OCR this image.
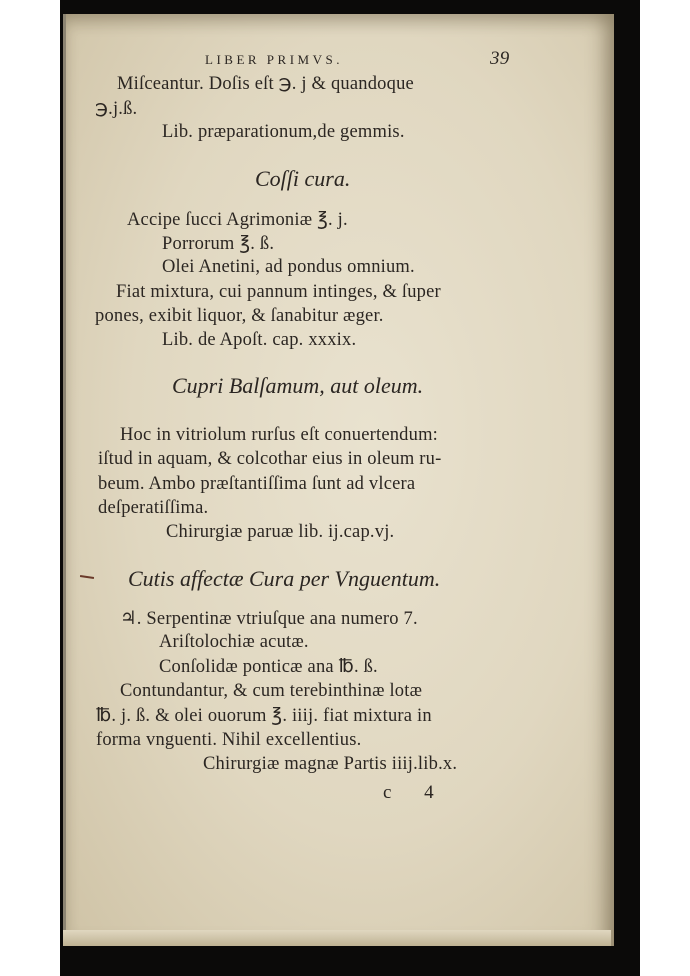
LIBER PRIMVS.	39
Miſceantur. Doſis eſt ℈. j & quandoque
℈.j.ß.
Lib. præparationum,de gemmis.
Coſſi cura.
Accipe ſucci Agrimoniæ ℥. j.
Porrorum ℥. ß.
Olei Anetini, ad pondus omnium.
Fiat mixtura, cui pannum intinges, & ſuper
pones, exibit liquor, & ſanabitur æger.
Lib. de Apoſt. cap. xxxix.
Cupri Balſamum, aut oleum.
Hoc in vitriolum rurſus eſt conuertendum:
iſtud in aquam, & colcothar eius in oleum ru-
beum. Ambo præſtantiſſima ſunt ad vlcera
deſperatiſſima.
Chirurgiæ paruæ lib. ij.cap.vj.
Cutis affectæ Cura per Vnguentum.
♃. Serpentinæ vtriuſque ana numero 7.
Ariſtolochiæ acutæ.
Conſolidæ ponticæ ana ℔. ß.
Contundantur, & cum terebinthinæ lotæ
℔. j. ß. & olei ouorum ℥. iiij. fiat mixtura in
forma vnguenti. Nihil excellentius.
Chirurgiæ magnæ Partis iiij.lib.x.
c 4
